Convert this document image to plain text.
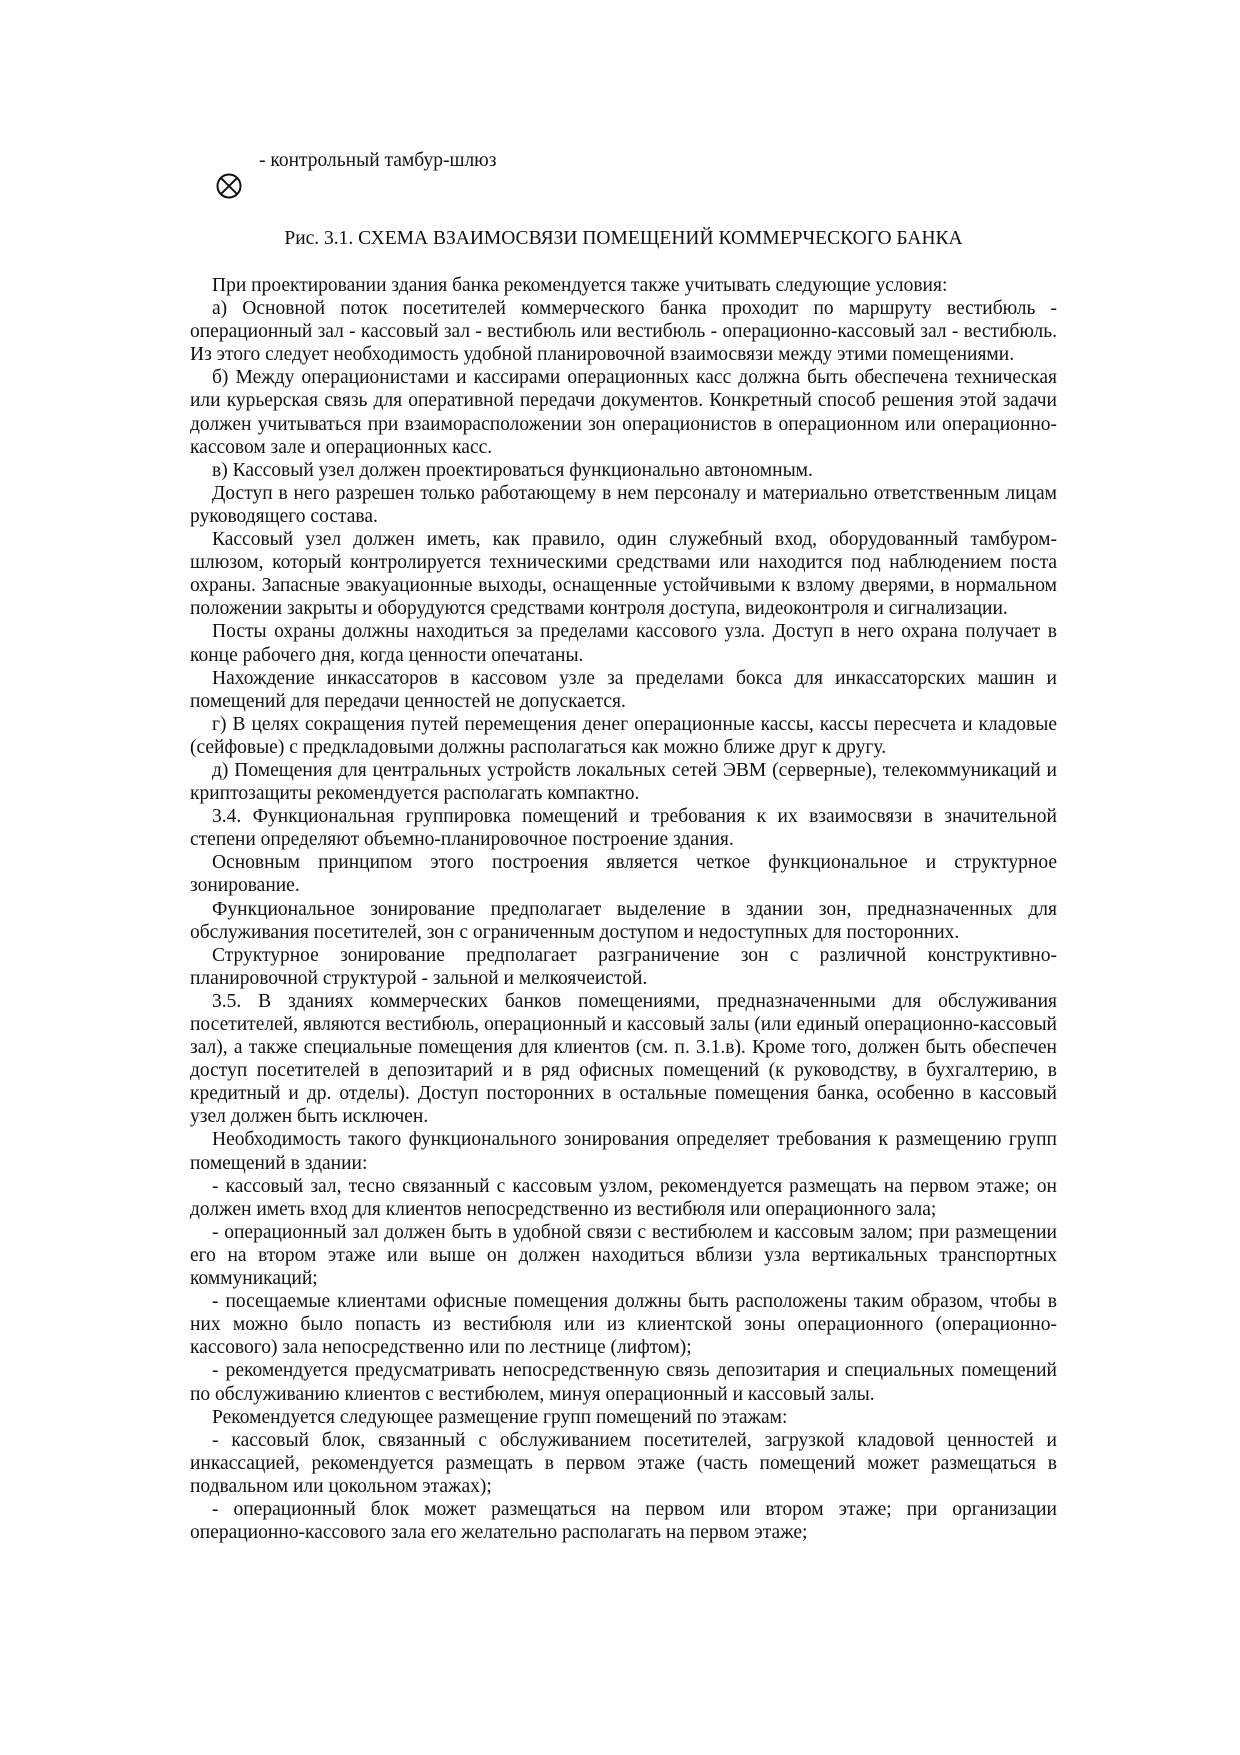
- контрольный тамбур-шлюз
Рис. 3.1. СХЕМА ВЗАИМОСВЯЗИ ПОМЕЩЕНИЙ КОММЕРЧЕСКОГО БАНКА

При проектировании здания банка рекомендуется также учитывать следующие условия:

а) Основной поток посетителей коммерческого банка проходит по маршруту вестибюль - операционный зал - кассовый зал - вестибюль или вестибюль - операционно-кассовый зал - вестибюль. Из этого следует необходимость удобной планировочной взаимосвязи между этими помещениями.

б) Между операционистами и кассирами операционных касс должна быть обеспечена техническая или курьерская связь для оперативной передачи документов. Конкретный способ решения этой задачи должен учитываться при взаиморасположении зон операционистов в операционном или операционно-кассовом зале и операционных касс.

в) Кассовый узел должен проектироваться функционально автономным.

Доступ в него разрешен только работающему в нем персоналу и материально ответственным лицам руководящего состава.

Кассовый узел должен иметь, как правило, один служебный вход, оборудованный тамбуром-шлюзом, который контролируется техническими средствами или находится под наблюдением поста охраны. Запасные эвакуационные выходы, оснащенные устойчивыми к взлому дверями, в нормальном положении закрыты и оборудуются средствами контроля доступа, видеоконтроля и сигнализации.

Посты охраны должны находиться за пределами кассового узла. Доступ в него охрана получает в конце рабочего дня, когда ценности опечатаны.

Нахождение инкассаторов в кассовом узле за пределами бокса для инкассаторских машин и помещений для передачи ценностей не допускается.

г) В целях сокращения путей перемещения денег операционные кассы, кассы пересчета и кладовые (сейфовые) с предкладовыми должны располагаться как можно ближе друг к другу.

д) Помещения для центральных устройств локальных сетей ЭВМ (серверные), телекоммуникаций и криптозащиты рекомендуется располагать компактно.

3.4. Функциональная группировка помещений и требования к их взаимосвязи в значительной степени определяют объемно-планировочное построение здания.

Основным принципом этого построения является четкое функциональное и структурное зонирование.

Функциональное зонирование предполагает выделение в здании зон, предназначенных для обслуживания посетителей, зон с ограниченным доступом и недоступных для посторонних.

Структурное зонирование предполагает разграничение зон с различной конструктивно-планировочной структурой - зальной и мелкоячеистой.

3.5. В зданиях коммерческих банков помещениями, предназначенными для обслуживания посетителей, являются вестибюль, операционный и кассовый залы (или единый операционно-кассовый зал), а также специальные помещения для клиентов (см. п. 3.1.в). Кроме того, должен быть обеспечен доступ посетителей в депозитарий и в ряд офисных помещений (к руководству, в бухгалтерию, в кредитный и др. отделы). Доступ посторонних в остальные помещения банка, особенно в кассовый узел должен быть исключен.

Необходимость такого функционального зонирования определяет требования к размещению групп помещений в здании:

- кассовый зал, тесно связанный с кассовым узлом, рекомендуется размещать на первом этаже; он должен иметь вход для клиентов непосредственно из вестибюля или операционного зала;

- операционный зал должен быть в удобной связи с вестибюлем и кассовым залом; при размещении его на втором этаже или выше он должен находиться вблизи узла вертикальных транспортных коммуникаций;

- посещаемые клиентами офисные помещения должны быть расположены таким образом, чтобы в них можно было попасть из вестибюля или из клиентской зоны операционного (операционно-кассового) зала непосредственно или по лестнице (лифтом);

- рекомендуется предусматривать непосредственную связь депозитария и специальных помещений по обслуживанию клиентов с вестибюлем, минуя операционный и кассовый залы.

Рекомендуется следующее размещение групп помещений по этажам:

- кассовый блок, связанный с обслуживанием посетителей, загрузкой кладовой ценностей и инкассацией, рекомендуется размещать в первом этаже (часть помещений может размещаться в подвальном или цокольном этажах);

- операционный блок может размещаться на первом или втором этаже; при организации операционно-кассового зала его желательно располагать на первом этаже;
